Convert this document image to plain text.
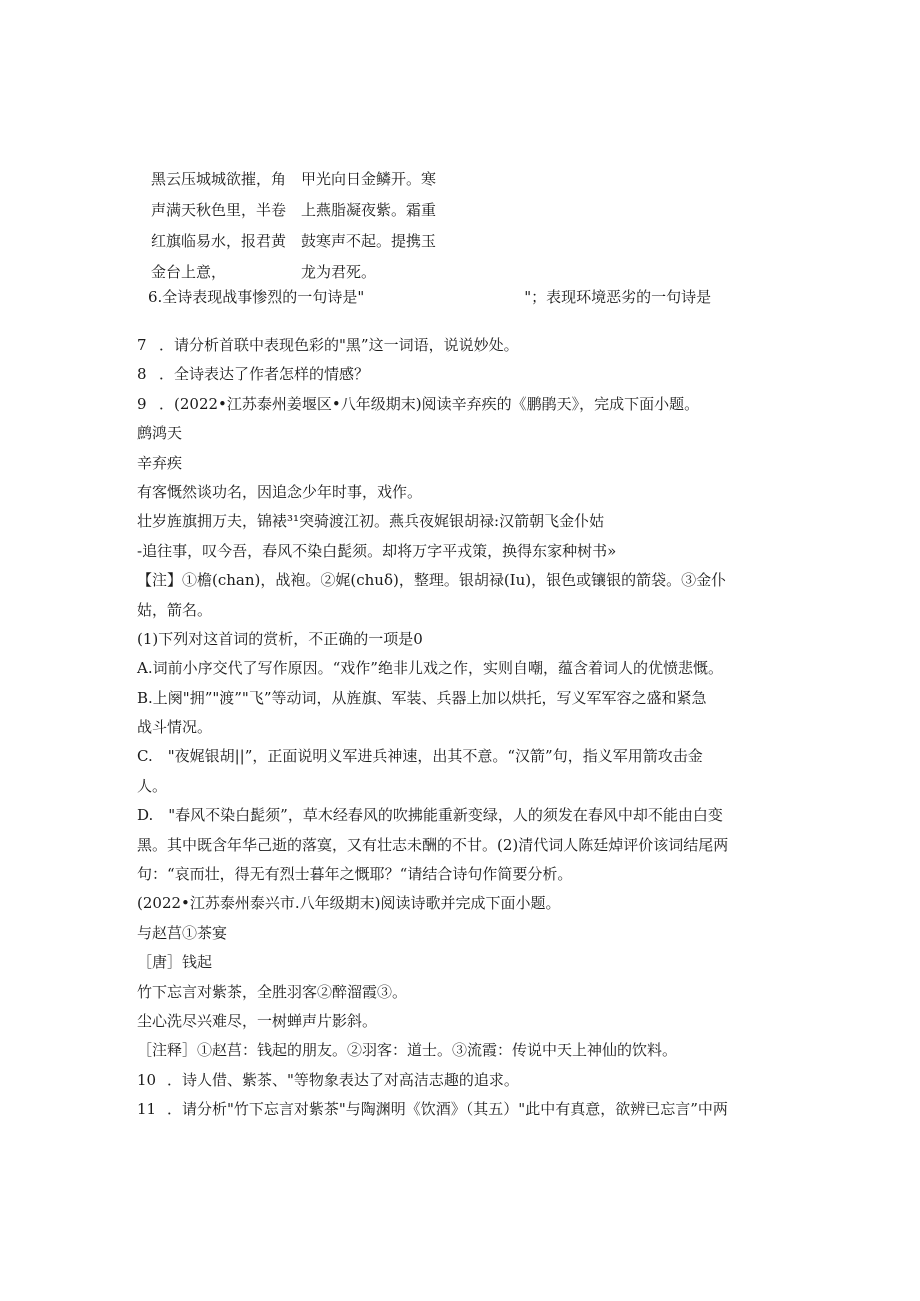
黑云压城城欲摧，角
声满天秋色里，半卷
红旗临易水，报君黄
金台上意，
甲光向日金鳞开。寒
上燕脂凝夜紫。霜重
鼓寒声不起。提携玉
龙为君死。
6.全诗表现战事惨烈的一句诗是"	"；表现环境恶劣的一句诗是
7 ．请分析首联中表现色彩的"黑”这一词语，说说妙处。
8 ．全诗表达了作者怎样的情感？
9 ．(2022•江苏泰州姜堰区•八年级期末)阅读辛弃疾的《鹏鹃天》，完成下面小题。
鹧鸿天
辛弃疾
有客慨然谈功名，因追念少年时事，戏作。
壮岁旌旗拥万夫，锦裱³¹突骑渡江初。燕兵夜娓银胡禄:汉箭朝飞金仆姑
-追往事，叹今吾，春风不染白髭须。却将万字平戎策，换得东家种树书»
【注】①檐(chan)，战袍。②娓(chuδ)，整理。银胡禄(Iu)，银色或镶银的箭袋。③金仆
姑，箭名。
(1)下列对这首词的赏析，不正确的一项是0
A.词前小序交代了写作原因。“戏作”绝非儿戏之作，实则自嘲，蕴含着词人的优愤悲慨。
B.上阕"拥”"渡”"飞”等动词，从旌旗、军装、兵器上加以烘托，写义军军容之盛和紧急
战斗情况。
C.　"夜娓银胡||”，正面说明义军进兵神速，出其不意。“汉箭”句，指义军用箭攻击金
人。
D.　"春风不染白髭须”，草木经春风的吹拂能重新变绿，人的须发在春风中却不能由白变
黑。其中既含年华己逝的落寞，又有壮志未酬的不甘。(2)清代词人陈廷焯评价该词结尾两
句：“哀而壮，得无有烈士暮年之慨耶？“请结合诗句作简要分析。
(2022•江苏泰州泰兴市.八年级期末)阅读诗歌并完成下面小题。
与赵莒①茶宴
［唐］钱起
竹下忘言对紫茶，全胜羽客②醉溜霞③。
尘心洗尽兴难尽，一树蝉声片影斜。
［注释］①赵莒：钱起的朋友。②羽客：道士。③流霞：传说中天上神仙的饮料。
10 ．诗人借、紫茶、"等物象表达了对高洁志趣的追求。
11 ．请分析"竹下忘言对紫茶"与陶渊明《饮酒》（其五）"此中有真意，欲辨已忘言”中两
